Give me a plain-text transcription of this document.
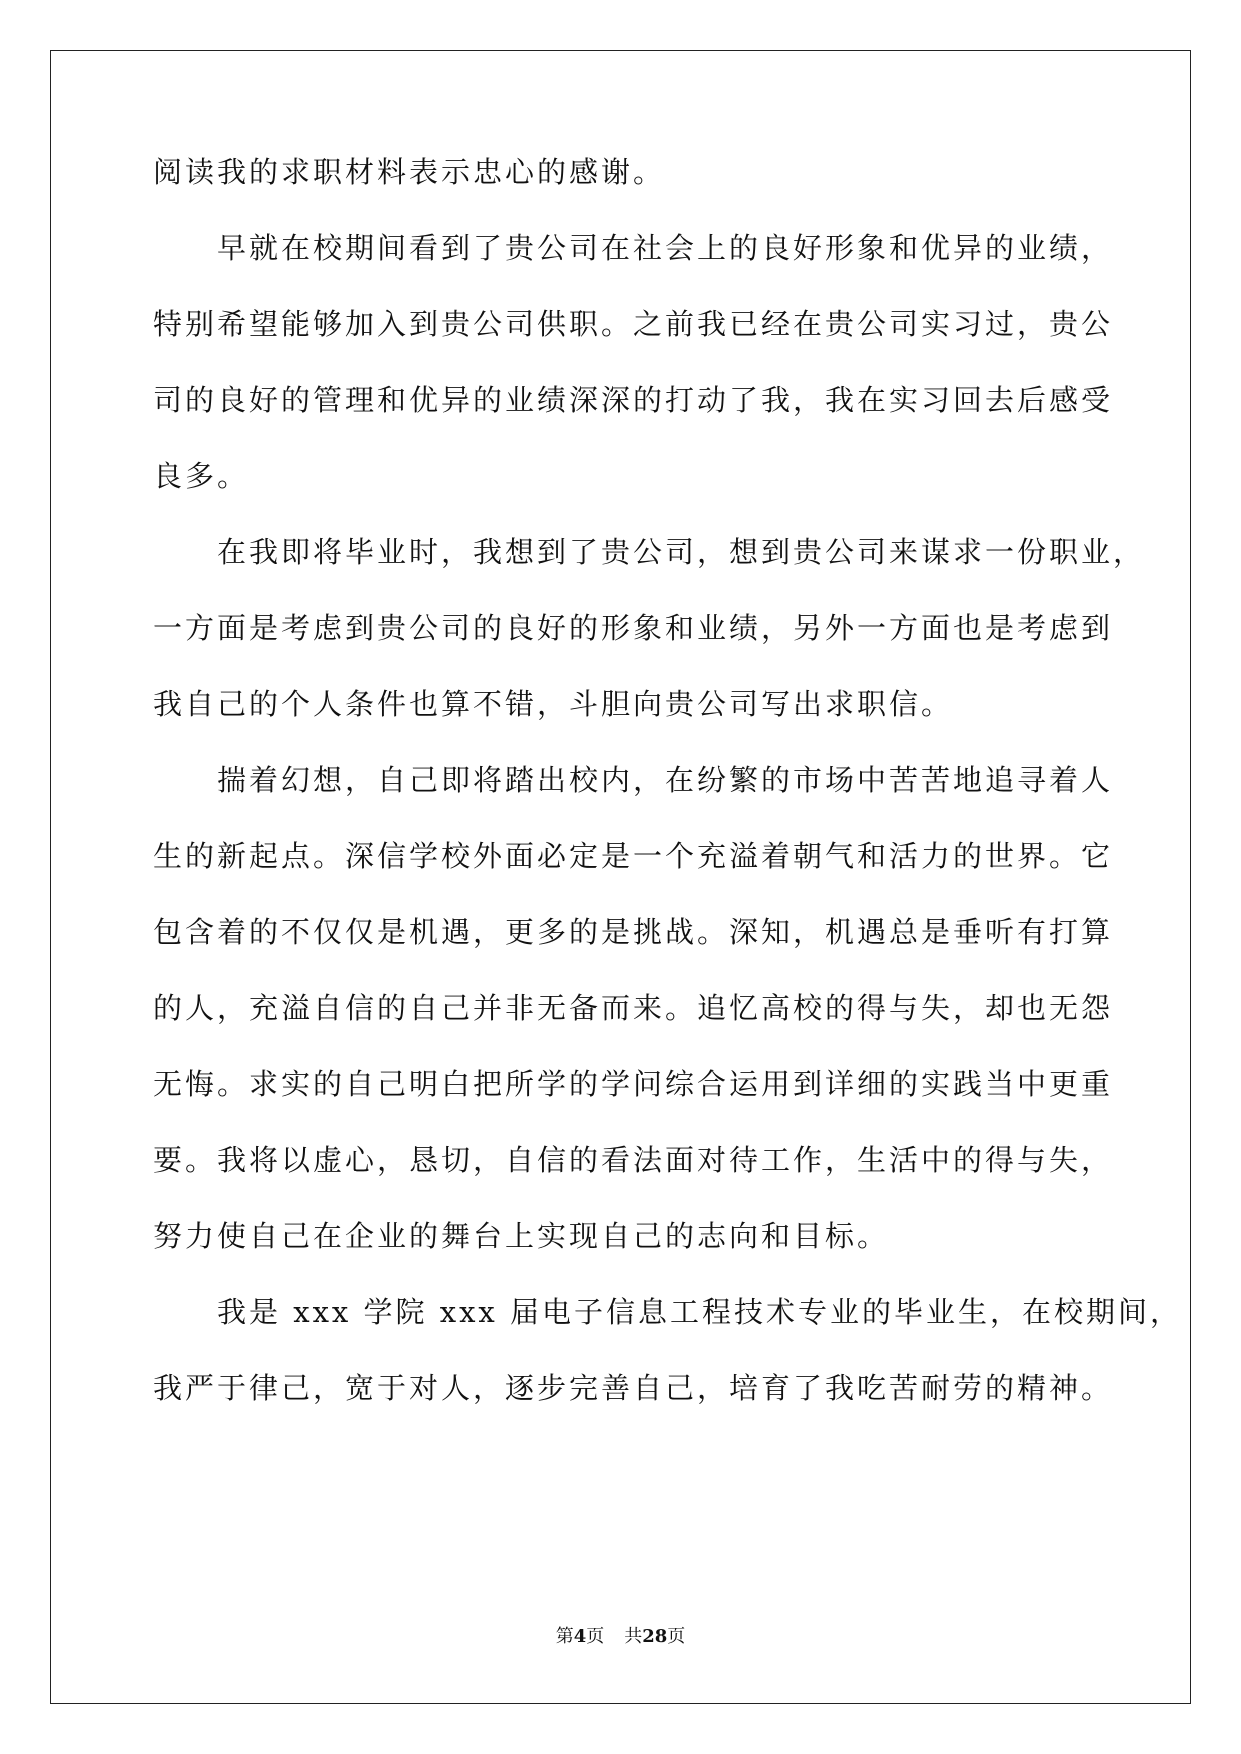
阅读我的求职材料表示忠心的感谢。
　　早就在校期间看到了贵公司在社会上的良好形象和优异的业绩，
特别希望能够加入到贵公司供职。之前我已经在贵公司实习过，贵公
司的良好的管理和优异的业绩深深的打动了我，我在实习回去后感受
良多。
　　在我即将毕业时，我想到了贵公司，想到贵公司来谋求一份职业，
一方面是考虑到贵公司的良好的形象和业绩，另外一方面也是考虑到
我自己的个人条件也算不错，斗胆向贵公司写出求职信。
　　揣着幻想，自己即将踏出校内，在纷繁的市场中苦苦地追寻着人
生的新起点。深信学校外面必定是一个充溢着朝气和活力的世界。它
包含着的不仅仅是机遇，更多的是挑战。深知，机遇总是垂听有打算
的人，充溢自信的自己并非无备而来。追忆高校的得与失，却也无怨
无悔。求实的自己明白把所学的学问综合运用到详细的实践当中更重
要。我将以虚心，恳切，自信的看法面对待工作，生活中的得与失，
努力使自己在企业的舞台上实现自己的志向和目标。
　　我是 xxx 学院 xxx 届电子信息工程技术专业的毕业生，在校期间，
我严于律己，宽于对人，逐步完善自己，培育了我吃苦耐劳的精神。
第4页 共28页
